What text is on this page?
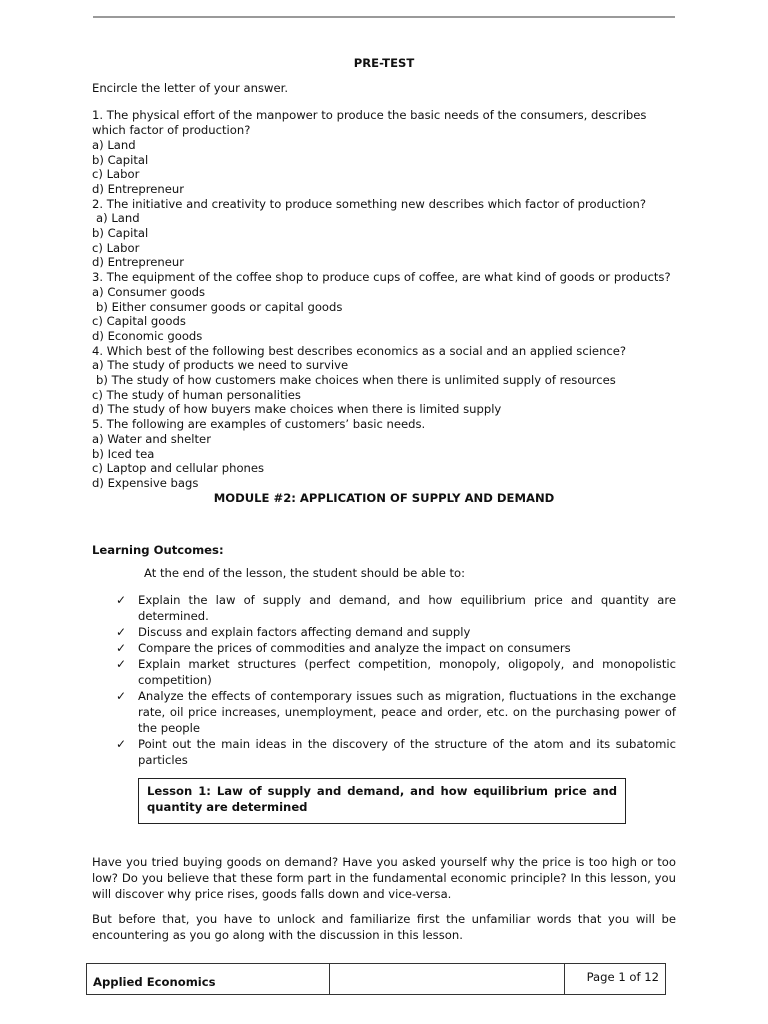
PRE-TEST
Encircle the letter of your answer.
1. The physical effort of the manpower to produce the basic needs of the consumers, describes which factor of production?
a) Land
b) Capital
c) Labor
d) Entrepreneur
2. The initiative and creativity to produce something new describes which factor of production?
a) Land
b) Capital
c) Labor
d) Entrepreneur
3. The equipment of the coffee shop to produce cups of coffee, are what kind of goods or products?
a) Consumer goods
b) Either consumer goods or capital goods
c) Capital goods
d) Economic goods
4. Which best of the following best describes economics as a social and an applied science?
a) The study of products we need to survive
b) The study of how customers make choices when there is unlimited supply of resources
c) The study of human personalities
d) The study of how buyers make choices when there is limited supply
5. The following are examples of customers’ basic needs.
a) Water and shelter
b) Iced tea
c) Laptop and cellular phones
d) Expensive bags
MODULE #2: APPLICATION OF SUPPLY AND DEMAND
Learning Outcomes:
At the end of the lesson, the student should be able to:
✓ Explain the law of supply and demand, and how equilibrium price and quantity are determined.
✓ Discuss and explain factors affecting demand and supply
✓ Compare the prices of commodities and analyze the impact on consumers
✓ Explain market structures (perfect competition, monopoly, oligopoly, and monopolistic competition)
✓ Analyze the effects of contemporary issues such as migration, fluctuations in the exchange rate, oil price increases, unemployment, peace and order, etc. on the purchasing power of the people
✓ Point out the main ideas in the discovery of the structure of the atom and its subatomic particles
Lesson 1: Law of supply and demand, and how equilibrium price and quantity are determined

Have you tried buying goods on demand? Have you asked yourself why the price is too high or too low? Do you believe that these form part in the fundamental economic principle? In this lesson, you will discover why price rises, goods falls down and vice-versa.

But before that, you have to unlock and familiarize first the unfamiliar words that you will be encountering as you go along with the discussion in this lesson.

Applied Economics	Page 1 of 12
